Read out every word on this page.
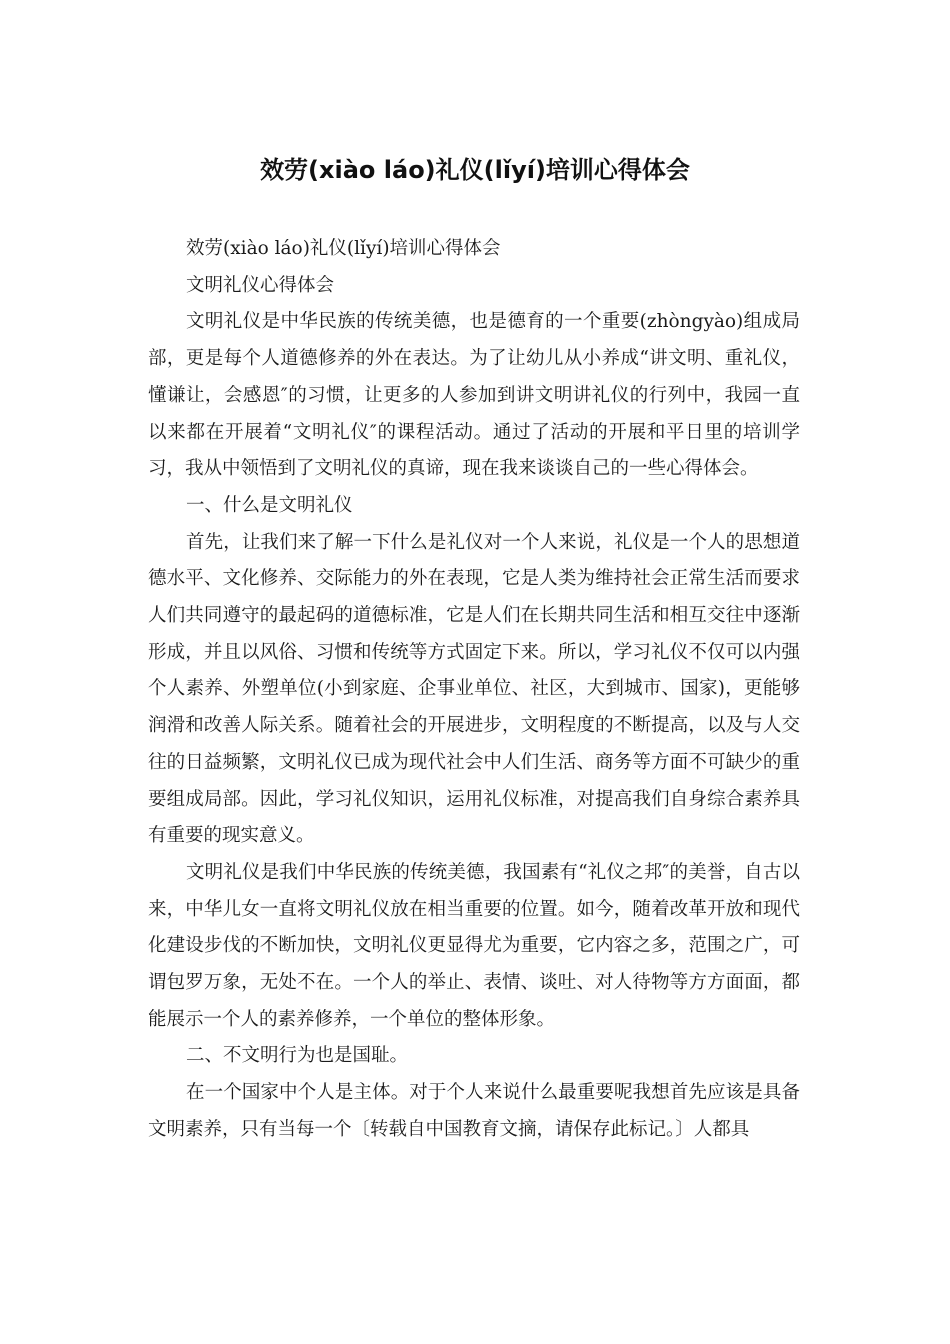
效劳(xiào láo)礼仪(lǐyí)培训心得体会

效劳(xiào láo)礼仪(lǐyí)培训心得体会

文明礼仪心得体会

文明礼仪是中华民族的传统美德，也是德育的一个重要(zhòngyào)组成局部，更是每个人道德修养的外在表达。为了让幼儿从小养成“讲文明、重礼仪，懂谦让，会感恩″的习惯，让更多的人参加到讲文明讲礼仪的行列中，我园一直以来都在开展着“文明礼仪″的课程活动。通过了活动的开展和平日里的培训学习，我从中领悟到了文明礼仪的真谛，现在我来谈谈自己的一些心得体会。

一、什么是文明礼仪

首先，让我们来了解一下什么是礼仪对一个人来说，礼仪是一个人的思想道德水平、文化修养、交际能力的外在表现，它是人类为维持社会正常生活而要求人们共同遵守的最起码的道德标准，它是人们在长期共同生活和相互交往中逐渐形成，并且以风俗、习惯和传统等方式固定下来。所以，学习礼仪不仅可以内强个人素养、外塑单位(小到家庭、企事业单位、社区，大到城市、国家)，更能够润滑和改善人际关系。随着社会的开展进步，文明程度的不断提高，以及与人交往的日益频繁，文明礼仪已成为现代社会中人们生活、商务等方面不可缺少的重要组成局部。因此，学习礼仪知识，运用礼仪标准，对提高我们自身综合素养具有重要的现实意义。

文明礼仪是我们中华民族的传统美德，我国素有“礼仪之邦″的美誉，自古以来，中华儿女一直将文明礼仪放在相当重要的位置。如今，随着改革开放和现代化建设步伐的不断加快，文明礼仪更显得尤为重要，它内容之多，范围之广，可谓包罗万象，无处不在。一个人的举止、表情、谈吐、对人待物等方方面面，都能展示一个人的素养修养，一个单位的整体形象。

二、不文明行为也是国耻。

在一个国家中个人是主体。对于个人来说什么最重要呢我想首先应该是具备文明素养，只有当每一个〔转载自中国教育文摘，请保存此标记。〕人都具
